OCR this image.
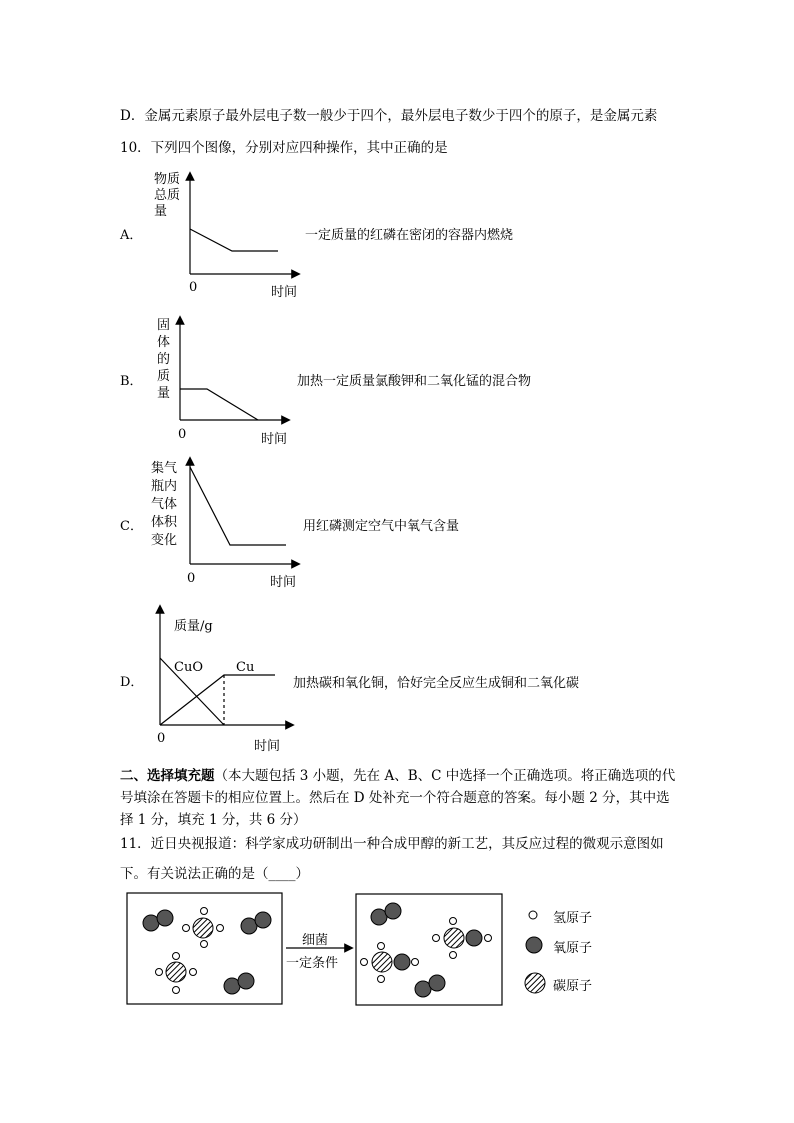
D．金属元素原子最外层电子数一般少于四个，最外层电子数少于四个的原子，是金属元素
10．下列四个图像，分别对应四种操作，其中正确的是
物质
总质
量
A．
0	时间
一定质量的红磷在密闭的容器内燃烧
固
体
的
质
量
B．
0	时间
加热一定质量氯酸钾和二氧化锰的混合物
集气
瓶内
气体
体积
变化
C．
0	时间
用红磷测定空气中氧气含量
质量/g
CuO	Cu
D．
0
时间
加热碳和氧化铜，恰好完全反应生成铜和二氧化碳
二、选择填充题（本大题包括 3 小题，先在 A、B、C 中选择一个正确选项。将正确选项的代
号填涂在答题卡的相应位置上。然后在 D 处补充一个符合题意的答案。每小题 2 分，其中选
择 1 分，填充 1 分，共 6 分）
11．近日央视报道：科学家成功研制出一种合成甲醇的新工艺，其反应过程的微观示意图如
下。有关说法正确的是（____）
细菌
一定条件
氢原子
氧原子
碳原子
